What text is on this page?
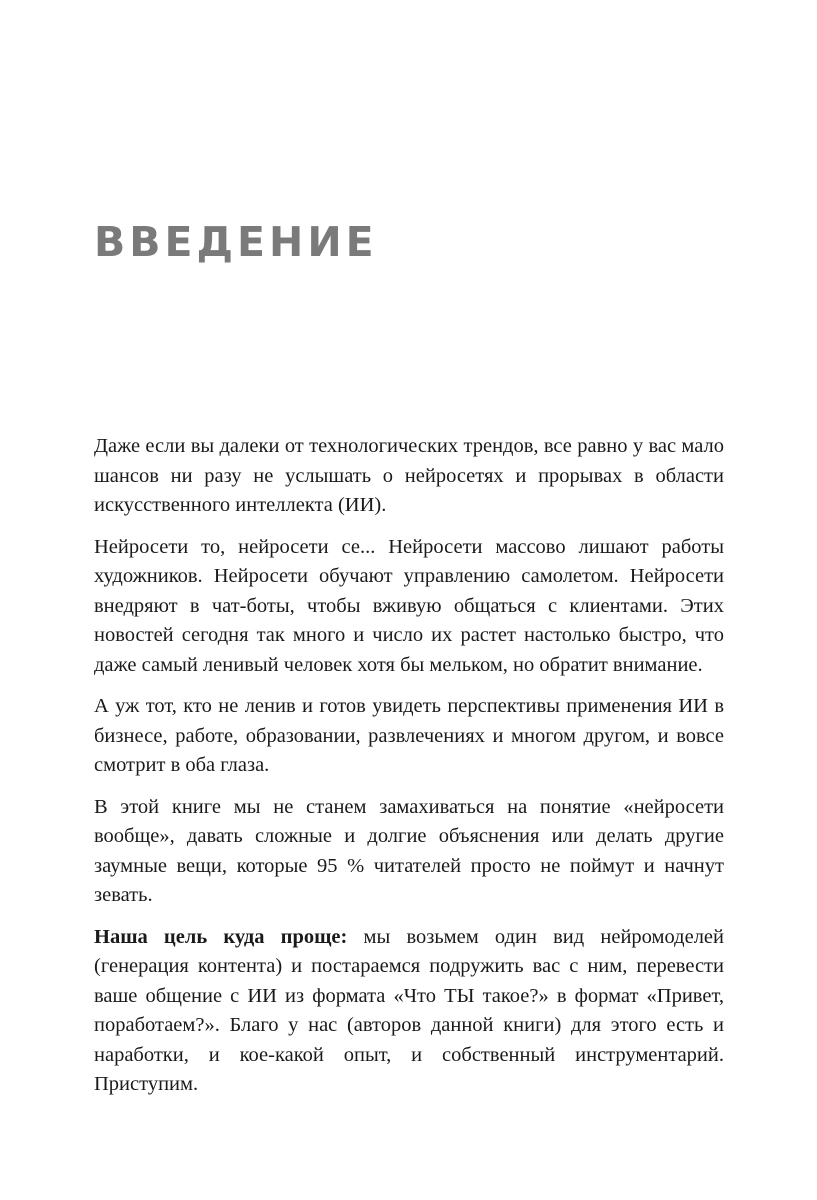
ВВЕДЕНИЕ

Даже если вы далеки от технологических трендов, все равно у вас мало шансов ни разу не услышать о нейросетях и прорывах в области искусственного интеллекта (ИИ).

Нейросети то, нейросети се... Нейросети массово лишают работы художников. Нейросети обучают управлению самолетом. Нейросети внедряют в чат-боты, чтобы вживую общаться с клиентами. Этих новостей сегодня так много и число их растет настолько быстро, что даже самый ленивый человек хотя бы мельком, но обратит внимание.

А уж тот, кто не ленив и готов увидеть перспективы применения ИИ в бизнесе, работе, образовании, развлечениях и многом другом, и вовсе смотрит в оба глаза.

В этой книге мы не станем замахиваться на понятие «нейросети вообще», давать сложные и долгие объяснения или делать другие заумные вещи, которые 95 % читателей просто не поймут и начнут зевать.

Наша цель куда проще: мы возьмем один вид нейромоделей (генерация контента) и постараемся подружить вас с ним, перевести ваше общение с ИИ из формата «Что ТЫ такое?» в формат «Привет, поработаем?». Благо у нас (авторов данной книги) для этого есть и наработки, и кое-какой опыт, и собственный инструментарий. Приступим.
